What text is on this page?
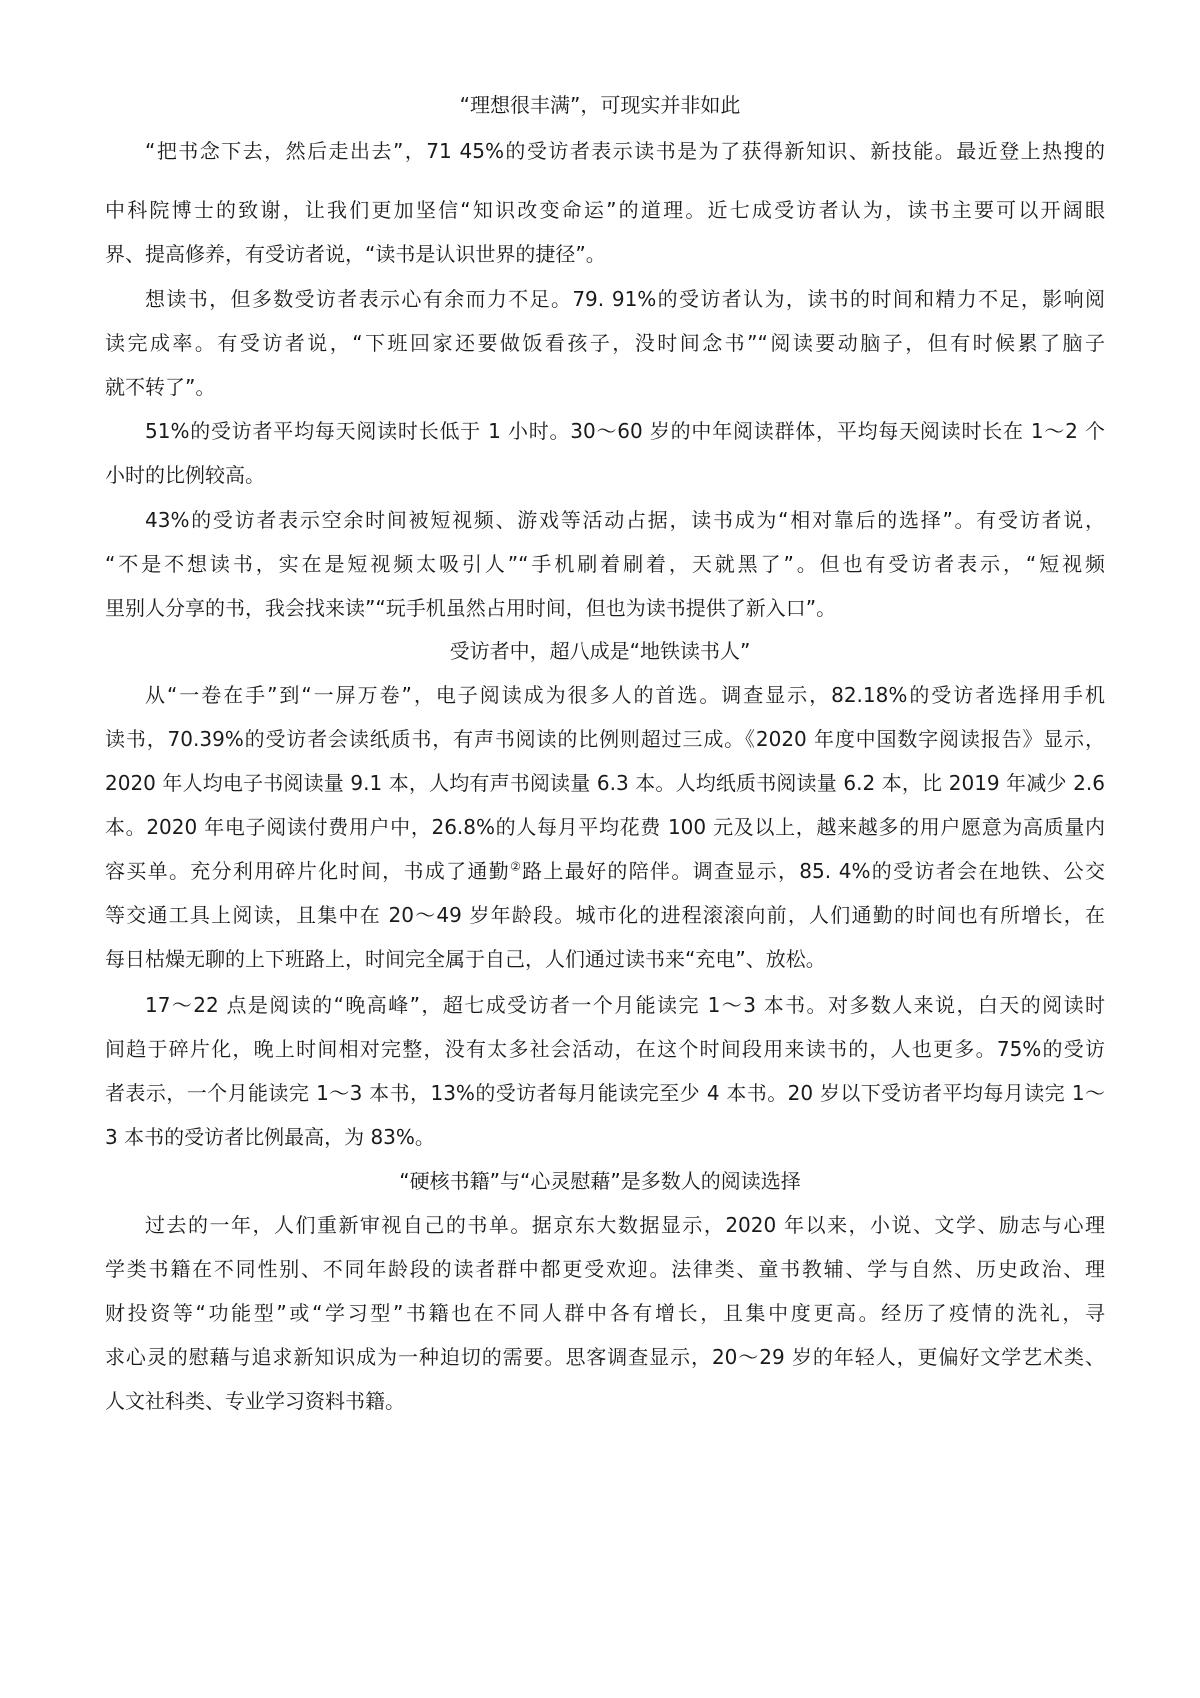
“理想很丰满”，可现实并非如此
“把书念下去，然后走出去”，71 45%的受访者表示读书是为了获得新知识、新技能。最近登上热搜的
中科院博士的致谢，让我们更加坚信“知识改变命运”的道理。近七成受访者认为，读书主要可以开阔眼
界、提高修养，有受访者说，“读书是认识世界的捷径”。
想读书，但多数受访者表示心有余而力不足。79. 91%的受访者认为，读书的时间和精力不足，影响阅
读完成率。有受访者说，“下班回家还要做饭看孩子，没时间念书”“阅读要动脑子，但有时候累了脑子
就不转了”。
51%的受访者平均每天阅读时长低于 1 小时。30～60 岁的中年阅读群体，平均每天阅读时长在 1～2 个
小时的比例较高。
43%的受访者表示空余时间被短视频、游戏等活动占据，读书成为“相对靠后的选择”。有受访者说，
“不是不想读书，实在是短视频太吸引人”“手机刷着刷着，天就黑了”。但也有受访者表示，“短视频
里别人分享的书，我会找来读”“玩手机虽然占用时间，但也为读书提供了新入口”。
受访者中，超八成是“地铁读书人”
从“一卷在手”到“一屏万卷”，电子阅读成为很多人的首选。调查显示，82.18%的受访者选择用手机
读书，70.39%的受访者会读纸质书，有声书阅读的比例则超过三成。《2020 年度中国数字阅读报告》显示，
2020 年人均电子书阅读量 9.1 本，人均有声书阅读量 6.3 本。人均纸质书阅读量 6.2 本，比 2019 年减少 2.6
本。2020 年电子阅读付费用户中，26.8%的人每月平均花费 100 元及以上，越来越多的用户愿意为高质量内
容买单。充分利用碎片化时间，书成了通勤②路上最好的陪伴。调查显示，85. 4%的受访者会在地铁、公交
等交通工具上阅读，且集中在 20～49 岁年龄段。城市化的进程滚滚向前，人们通勤的时间也有所增长，在
每日枯燥无聊的上下班路上，时间完全属于自己，人们通过读书来“充电”、放松。
17～22 点是阅读的“晚高峰”，超七成受访者一个月能读完 1～3 本书。对多数人来说，白天的阅读时
间趋于碎片化，晚上时间相对完整，没有太多社会活动，在这个时间段用来读书的，人也更多。75%的受访
者表示，一个月能读完 1～3 本书，13%的受访者每月能读完至少 4 本书。20 岁以下受访者平均每月读完 1～
3 本书的受访者比例最高，为 83%。
“硬核书籍”与“心灵慰藉”是多数人的阅读选择
过去的一年，人们重新审视自己的书单。据京东大数据显示，2020 年以来，小说、文学、励志与心理
学类书籍在不同性别、不同年龄段的读者群中都更受欢迎。法律类、童书教辅、学与自然、历史政治、理
财投资等“功能型”或“学习型”书籍也在不同人群中各有增长，且集中度更高。经历了疫情的洗礼，寻
求心灵的慰藉与追求新知识成为一种迫切的需要。思客调查显示，20～29 岁的年轻人，更偏好文学艺术类、
人文社科类、专业学习资料书籍。
